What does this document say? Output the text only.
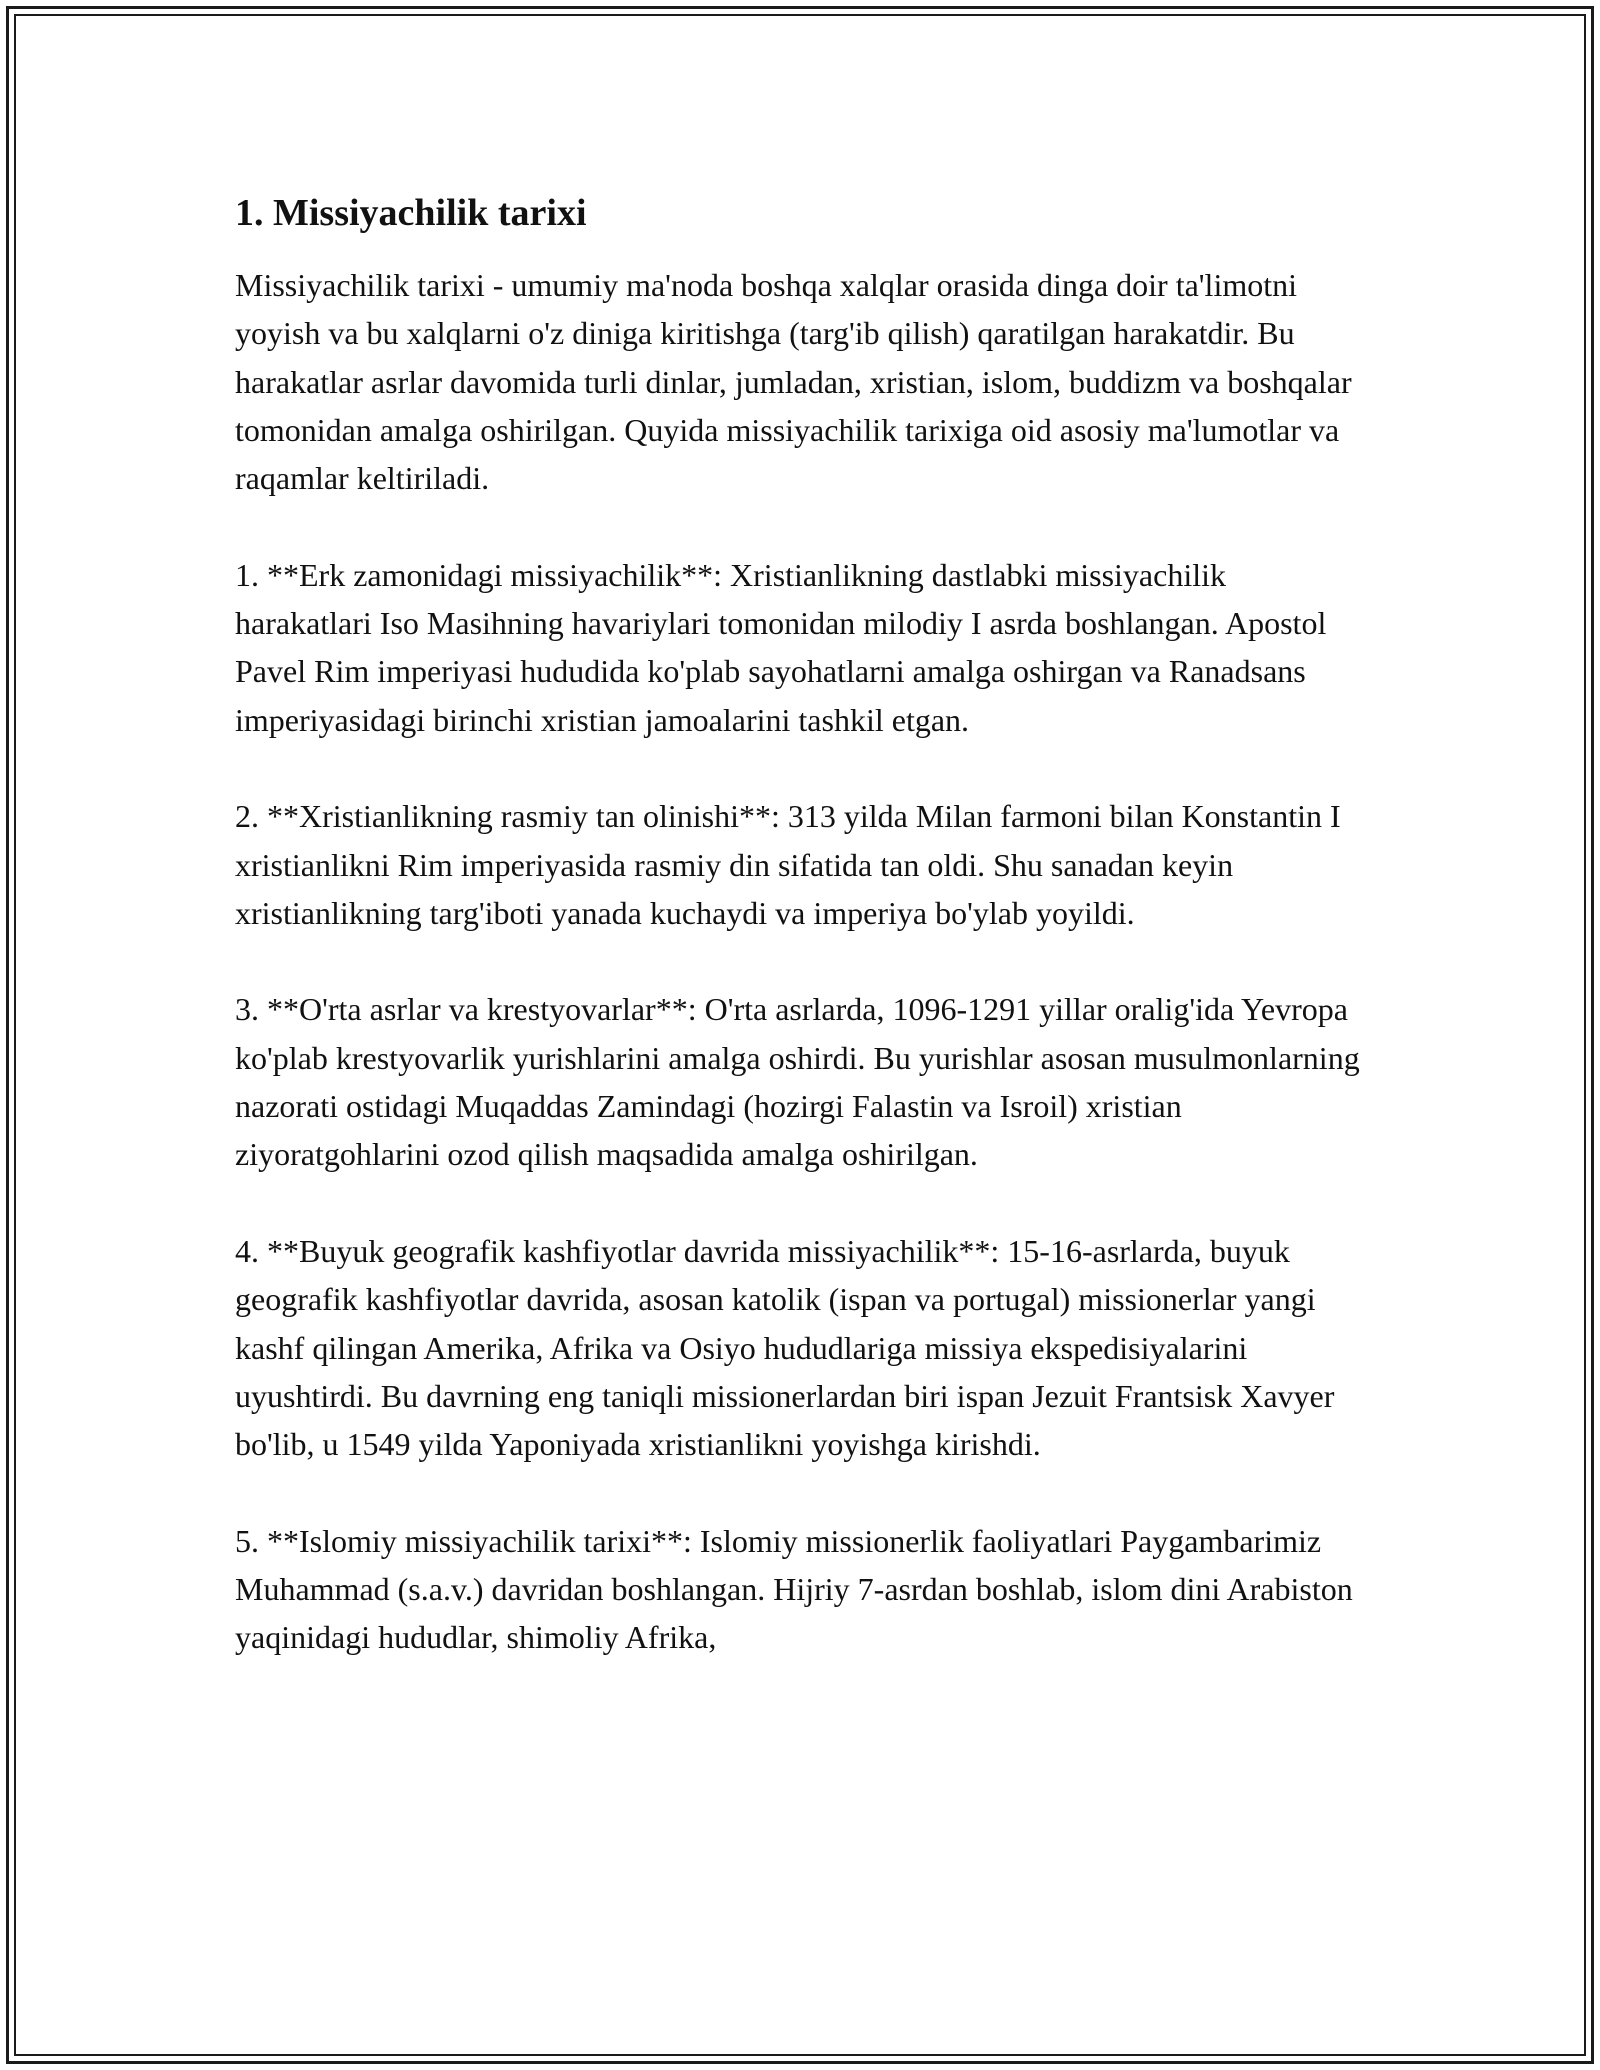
1. Missiyachilik tarixi

Missiyachilik tarixi - umumiy ma'noda boshqa xalqlar orasida dinga doir ta'limotni yoyish va bu xalqlarni o'z diniga kiritishga (targ'ib qilish) qaratilgan harakatdir. Bu harakatlar asrlar davomida turli dinlar, jumladan, xristian, islom, buddizm va boshqalar tomonidan amalga oshirilgan. Quyida missiyachilik tarixiga oid asosiy ma'lumotlar va raqamlar keltiriladi.

1. **Erk zamonidagi missiyachilik**: Xristianlikning dastlabki missiyachilik harakatlari Iso Masihning havariylari tomonidan milodiy I asrda boshlangan. Apostol Pavel Rim imperiyasi hududida ko'plab sayohatlarni amalga oshirgan va Ranadsans imperiyasidagi birinchi xristian jamoalarini tashkil etgan.

2. **Xristianlikning rasmiy tan olinishi**: 313 yilda Milan farmoni bilan Konstantin I xristianlikni Rim imperiyasida rasmiy din sifatida tan oldi. Shu sanadan keyin xristianlikning targ'iboti yanada kuchaydi va imperiya bo'ylab yoyildi.

3. **O'rta asrlar va krestyovarlar**: O'rta asrlarda, 1096-1291 yillar oralig'ida Yevropa ko'plab krestyovarlik yurishlarini amalga oshirdi. Bu yurishlar asosan musulmonlarning nazorati ostidagi Muqaddas Zamindagi (hozirgi Falastin va Isroil) xristian ziyoratgohlarini ozod qilish maqsadida amalga oshirilgan.

4. **Buyuk geografik kashfiyotlar davrida missiyachilik**: 15-16-asrlarda, buyuk geografik kashfiyotlar davrida, asosan katolik (ispan va portugal) missionerlar yangi kashf qilingan Amerika, Afrika va Osiyo hududlariga missiya ekspedisiyalarini uyushtirdi. Bu davrning eng taniqli missionerlardan biri ispan Jezuit Frantsisk Xavyer bo'lib, u 1549 yilda Yaponiyada xristianlikni yoyishga kirishdi.

5. **Islomiy missiyachilik tarixi**: Islomiy missionerlik faoliyatlari Paygambarimiz Muhammad (s.a.v.) davridan boshlangan. Hijriy 7-asrdan boshlab, islom dini Arabiston yaqinidagi hududlar, shimoliy Afrika,
